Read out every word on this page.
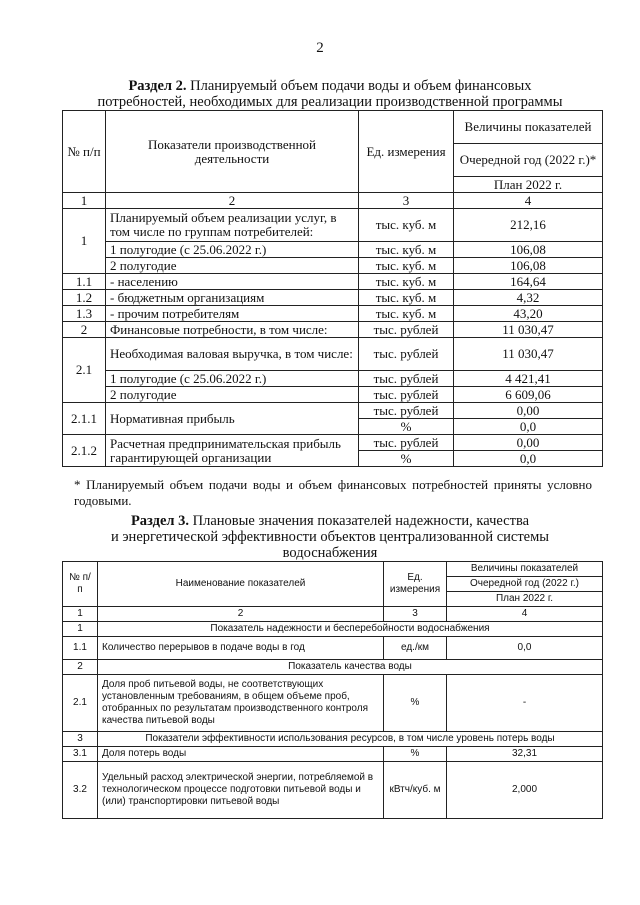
2
Раздел 2. Планируемый объем подачи воды и объем финансовых
потребностей, необходимых для реализации производственной программы
№ п/п	Показатели производственной деятельности	Ед. измерения	Величины показателей
			Очередной год (2022 г.)*
			План 2022 г.
1	2	3	4
1	Планируемый объем реализации услуг, в том числе по группам потребителей:	тыс. куб. м	212,16
	1 полугодие (с 25.06.2022 г.)	тыс. куб. м	106,08
	2 полугодие	тыс. куб. м	106,08
1.1	- населению	тыс. куб. м	164,64
1.2	- бюджетным организациям	тыс. куб. м	4,32
1.3	- прочим потребителям	тыс. куб. м	43,20
2	Финансовые потребности, в том числе:	тыс. рублей	11 030,47
2.1	Необходимая валовая выручка, в том числе:	тыс. рублей	11 030,47
	1 полугодие (с 25.06.2022 г.)	тыс. рублей	4 421,41
	2 полугодие	тыс. рублей	6 609,06
2.1.1	Нормативная прибыль	тыс. рублей	0,00
		%	0,0
2.1.2	Расчетная предпринимательская прибыль гарантирующей организации	тыс. рублей	0,00
		%	0,0
* Планируемый объем подачи воды и объем финансовых потребностей приняты условно годовыми.
Раздел 3. Плановые значения показателей надежности, качества
и энергетической эффективности объектов централизованной системы
водоснабжения
№ п/п	Наименование показателей	Ед. измерения	Величины показателей
			Очередной год (2022 г.)
			План 2022 г.
1	2	3	4
1	Показатель надежности и бесперебойности водоснабжения		
1.1	Количество перерывов в подаче воды в год	ед./км	0,0
2	Показатель качества воды		
2.1	Доля проб питьевой воды, не соответствующих установленным требованиям, в общем объеме проб, отобранных по результатам производственного контроля качества питьевой воды	%	-
3	Показатели эффективности использования ресурсов, в том числе уровень потерь воды		
3.1	Доля потерь воды	%	32,31
3.2	Удельный расход электрической энергии, потребляемой в технологическом процессе подготовки питьевой воды и (или) транспортировки питьевой воды	кВтч/куб. м	2,000
